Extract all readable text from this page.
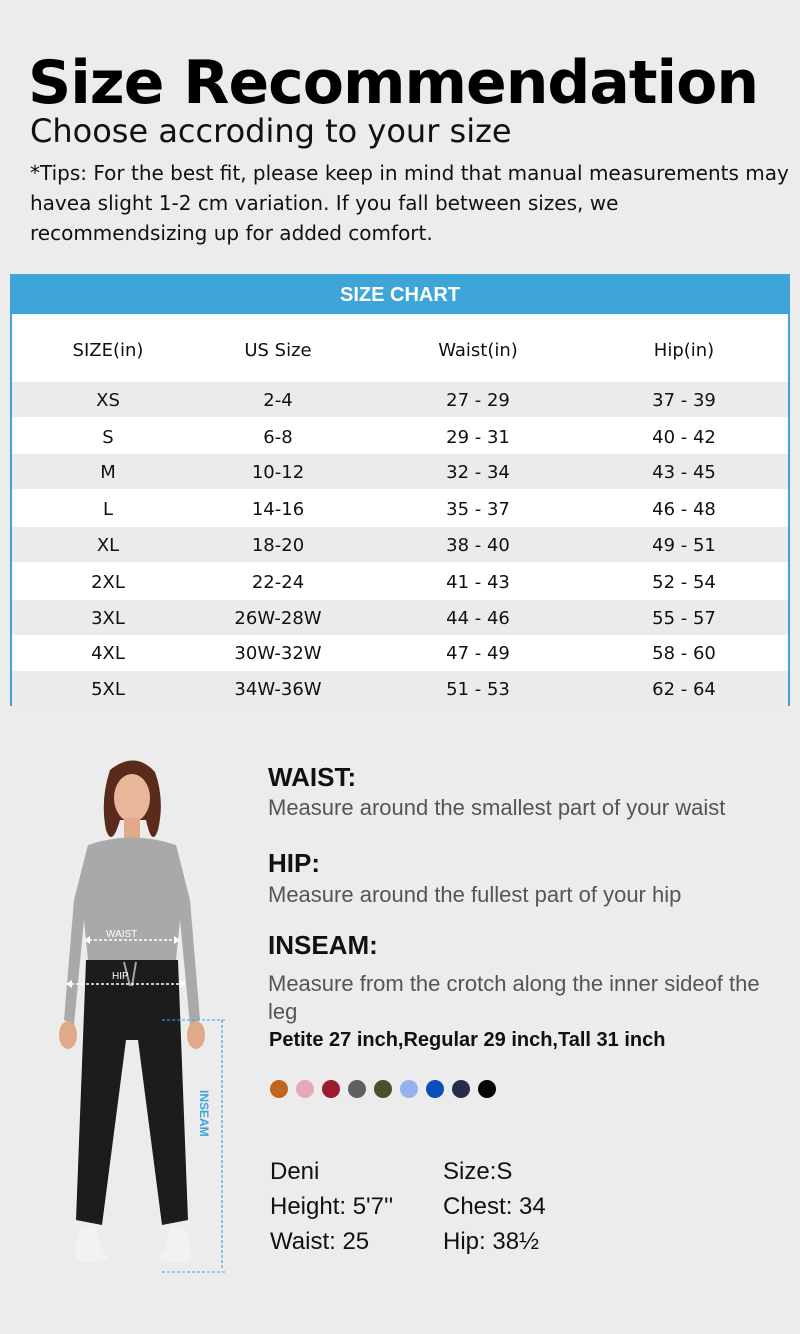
Size Recommendation
Choose accroding to your size
*Tips: For the best fit, please keep in mind that manual measurements may havea slight 1-2 cm variation. If you fall between sizes, we recommendsizing up for added comfort.
SIZE CHART
SIZE(in)	US Size	Waist(in)	Hip(in)
XS	2-4	27 - 29	37 - 39
S	6-8	29 - 31	40 - 42
M	10-12	32 - 34	43 - 45
L	14-16	35 - 37	46 - 48
XL	18-20	38 - 40	49 - 51
2XL	22-24	41 - 43	52 - 54
3XL	26W-28W	44 - 46	55 - 57
4XL	30W-32W	47 - 49	58 - 60
5XL	34W-36W	51 - 53	62 - 64
WAIST
HIP
INSEAM
WAIST:
Measure around the smallest part of your waist
HIP:
Measure around the fullest part of your hip
INSEAM:
Measure from the crotch along the inner sideof the leg
Petite 27 inch,Regular 29 inch,Tall 31 inch
Deni
Height: 5'7''
Waist: 25
Size:S
Chest: 34
Hip: 38½
